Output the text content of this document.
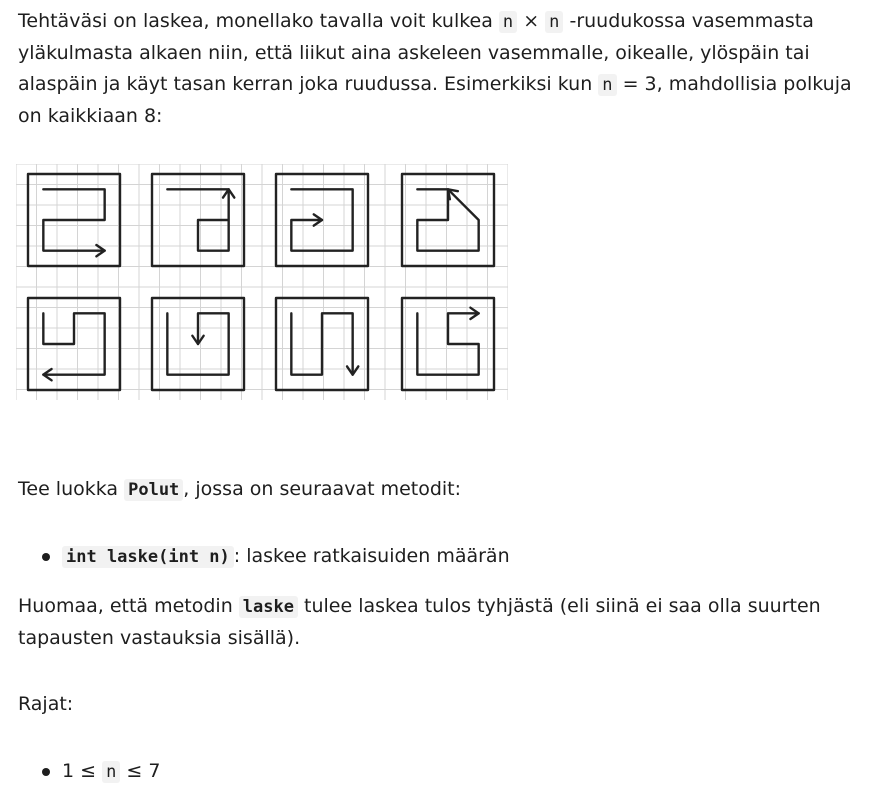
Tehtäväsi on laskea, monellako tavalla voit kulkea n × n -ruudukossa vasemmasta yläkulmasta alkaen niin, että liikut aina askeleen vasemmalle, oikealle, ylöspäin tai alaspäin ja käyt tasan kerran joka ruudussa. Esimerkiksi kun n = 3, mahdollisia polkuja on kaikkiaan 8:

Tee luokka Polut , jossa on seuraavat metodit:

int laske(int n) : laskee ratkaisuiden määrän

Huomaa, että metodin laske tulee laskea tulos tyhjästä (eli siinä ei saa olla suurten tapausten vastauksia sisällä).

Rajat:

1 ≤ n ≤ 7
